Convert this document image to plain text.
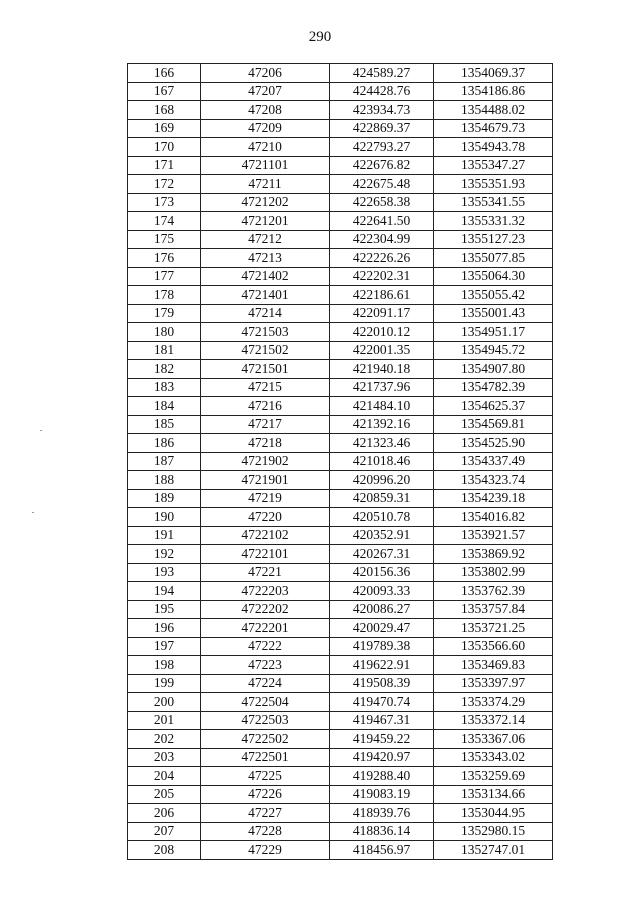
290
166	47206	424589.27	1354069.37
167	47207	424428.76	1354186.86
168	47208	423934.73	1354488.02
169	47209	422869.37	1354679.73
170	47210	422793.27	1354943.78
171	4721101	422676.82	1355347.27
172	47211	422675.48	1355351.93
173	4721202	422658.38	1355341.55
174	4721201	422641.50	1355331.32
175	47212	422304.99	1355127.23
176	47213	422226.26	1355077.85
177	4721402	422202.31	1355064.30
178	4721401	422186.61	1355055.42
179	47214	422091.17	1355001.43
180	4721503	422010.12	1354951.17
181	4721502	422001.35	1354945.72
182	4721501	421940.18	1354907.80
183	47215	421737.96	1354782.39
184	47216	421484.10	1354625.37
185	47217	421392.16	1354569.81
186	47218	421323.46	1354525.90
187	4721902	421018.46	1354337.49
188	4721901	420996.20	1354323.74
189	47219	420859.31	1354239.18
190	47220	420510.78	1354016.82
191	4722102	420352.91	1353921.57
192	4722101	420267.31	1353869.92
193	47221	420156.36	1353802.99
194	4722203	420093.33	1353762.39
195	4722202	420086.27	1353757.84
196	4722201	420029.47	1353721.25
197	47222	419789.38	1353566.60
198	47223	419622.91	1353469.83
199	47224	419508.39	1353397.97
200	4722504	419470.74	1353374.29
201	4722503	419467.31	1353372.14
202	4722502	419459.22	1353367.06
203	4722501	419420.97	1353343.02
204	47225	419288.40	1353259.69
205	47226	419083.19	1353134.66
206	47227	418939.76	1353044.95
207	47228	418836.14	1352980.15
208	47229	418456.97	1352747.01
